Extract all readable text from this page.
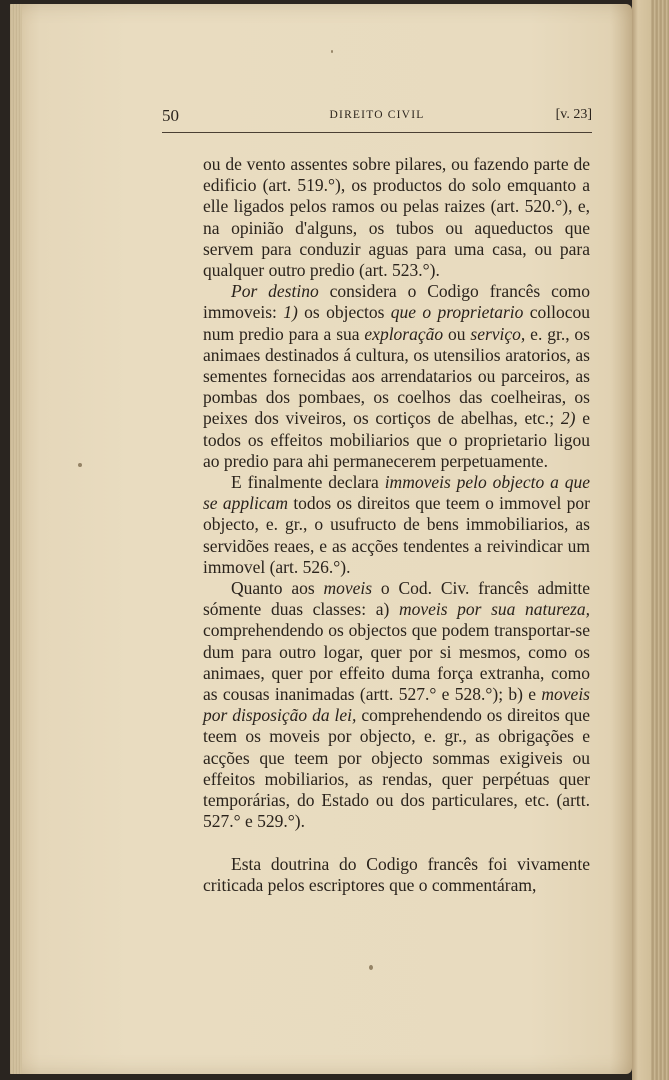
50	DIREITO CIVIL	[v. 23]

ou de vento assentes sobre pilares, ou fazendo parte de edificio (art. 519.°), os productos do solo emquanto a elle ligados pelos ramos ou pelas raizes (art. 520.°), e, na opinião d'alguns, os tubos ou aqueductos que servem para conduzir aguas para uma casa, ou para qualquer outro predio (art. 523.°).

Por destino considera o Codigo francês como immoveis: 1) os objectos que o proprietario collocou num predio para a sua exploração ou serviço, e. gr., os animaes destinados á cultura, os utensilios aratorios, as sementes fornecidas aos arrendatarios ou parceiros, as pombas dos pombaes, os coelhos das coelheiras, os peixes dos viveiros, os cortiços de abelhas, etc.; 2) e todos os effeitos mobiliarios que o proprietario ligou ao predio para ahi permanecerem perpetuamente.

E finalmente declara immoveis pelo objecto a que se applicam todos os direitos que teem o immovel por objecto, e. gr., o usufructo de bens immobiliarios, as servidões reaes, e as acções tendentes a reivindicar um immovel (art. 526.°).

Quanto aos moveis o Cod. Civ. francês admitte sómente duas classes: a) moveis por sua natureza, comprehendendo os objectos que podem transportar-se dum para outro logar, quer por si mesmos, como os animaes, quer por effeito duma força extranha, como as cousas inanimadas (artt. 527.° e 528.°); b) e moveis por disposição da lei, comprehendendo os direitos que teem os moveis por objecto, e. gr., as obrigações e acções que teem por objecto sommas exigiveis ou effeitos mobiliarios, as rendas, quer perpétuas quer temporárias, do Estado ou dos particulares, etc. (artt. 527.° e 529.°).

Esta doutrina do Codigo francês foi vivamente criticada pelos escriptores que o commentáram,
